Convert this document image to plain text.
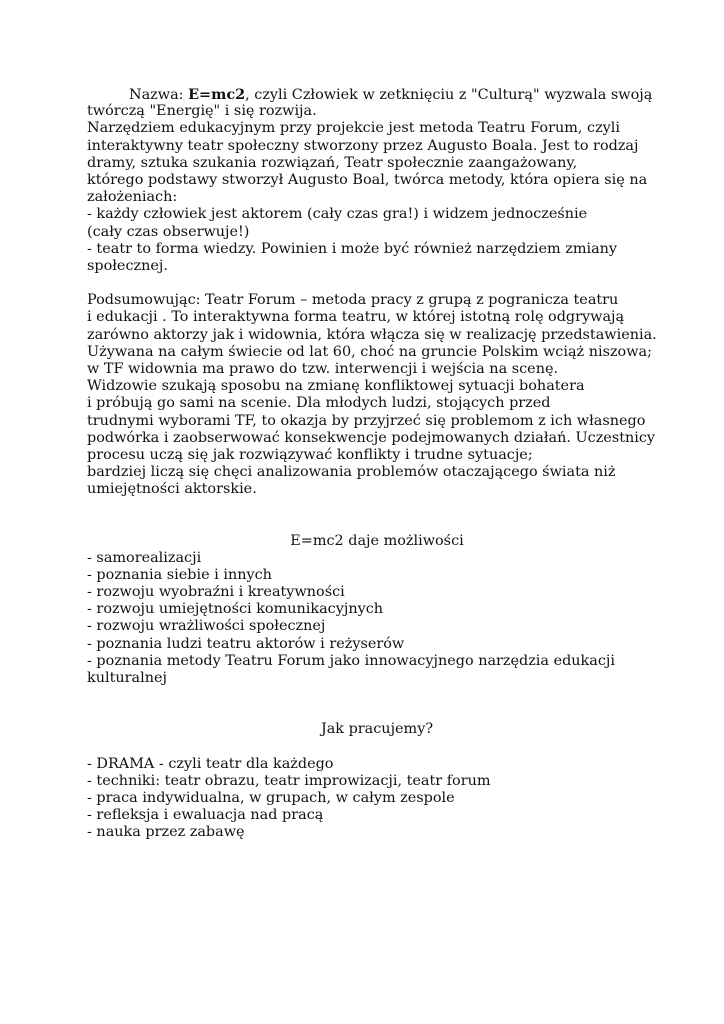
Nazwa: E=mc2, czyli Człowiek w zetknięciu z "Culturą" wyzwala swoją
twórczą "Energię" i się rozwija.
Narzędziem edukacyjnym przy projekcie jest metoda Teatru Forum, czyli
interaktywny teatr społeczny stworzony przez Augusto Boala. Jest to rodzaj
dramy, sztuka szukania rozwiązań, Teatr społecznie zaangażowany,
którego podstawy stworzył Augusto Boal, twórca metody, która opiera się na
założeniach:
- każdy człowiek jest aktorem (cały czas gra!) i widzem jednocześnie
(cały czas obserwuje!)
- teatr to forma wiedzy. Powinien i może być również narzędziem zmiany
społecznej.
Podsumowując: Teatr Forum – metoda pracy z grupą z pogranicza teatru
i edukacji . To interaktywna forma teatru, w której istotną rolę odgrywają
zarówno aktorzy jak i widownia, która włącza się w realizację przedstawienia.
Używana na całym świecie od lat 60, choć na gruncie Polskim wciąż niszowa;
w TF widownia ma prawo do tzw. interwencji i wejścia na scenę.
Widzowie szukają sposobu na zmianę konfliktowej sytuacji bohatera
i próbują go sami na scenie. Dla młodych ludzi, stojących przed
trudnymi wyborami TF, to okazja by przyjrzeć się problemom z ich własnego
podwórka i zaobserwować konsekwencje podejmowanych działań. Uczestnicy
procesu uczą się jak rozwiązywać konflikty i trudne sytuacje;
bardziej liczą się chęci analizowania problemów otaczającego świata niż
umiejętności aktorskie.
E=mc2 daje możliwości
- samorealizacji
- poznania siebie i innych
- rozwoju wyobraźni i kreatywności
- rozwoju umiejętności komunikacyjnych
- rozwoju wrażliwości społecznej
- poznania ludzi teatru aktorów i reżyserów
- poznania metody Teatru Forum jako innowacyjnego narzędzia edukacji
kulturalnej
Jak pracujemy?
- DRAMA - czyli teatr dla każdego
- techniki: teatr obrazu, teatr improwizacji, teatr forum
- praca indywidualna, w grupach, w całym zespole
- refleksja i ewaluacja nad pracą
- nauka przez zabawę
